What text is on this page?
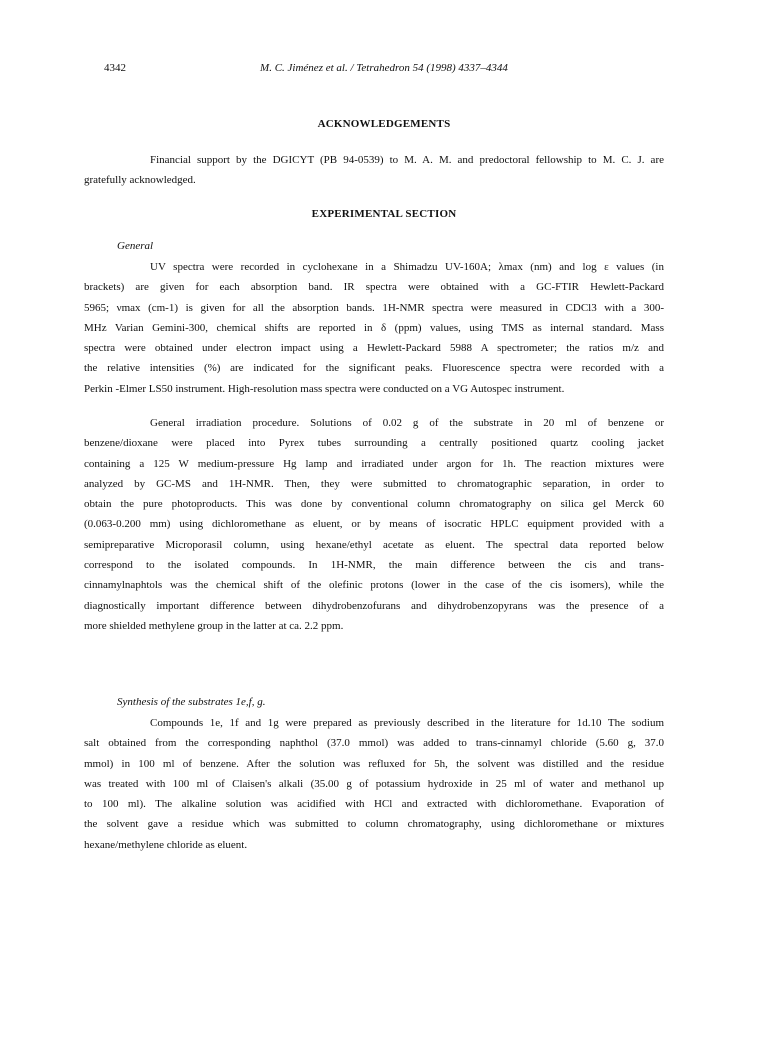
4342	M. C. Jiménez et al. / Tetrahedron 54 (1998) 4337–4344
ACKNOWLEDGEMENTS
Financial support by the DGICYT (PB 94-0539) to M. A. M. and predoctoral fellowship to M. C. J. are
gratefully acknowledged.
EXPERIMENTAL SECTION
General
UV spectra were recorded in cyclohexane in a Shimadzu UV-160A; λmax (nm) and log ε values (in
brackets) are given for each absorption band. IR spectra were obtained with a GC-FTIR Hewlett-Packard
5965; νmax (cm-1) is given for all the absorption bands. 1H-NMR spectra were measured in CDCl3 with a 300-
MHz Varian Gemini-300, chemical shifts are reported in δ (ppm) values, using TMS as internal standard. Mass
spectra were obtained under electron impact using a Hewlett-Packard 5988 A spectrometer; the ratios m/z and
the relative intensities (%) are indicated for the significant peaks. Fluorescence spectra were recorded with a
Perkin -Elmer LS50 instrument. High-resolution mass spectra were conducted on a VG Autospec instrument.
General irradiation procedure. Solutions of 0.02 g of the substrate in 20 ml of benzene or
benzene/dioxane were placed into Pyrex tubes surrounding a centrally positioned quartz cooling jacket
containing a 125 W medium-pressure Hg lamp and irradiated under argon for 1h. The reaction mixtures were
analyzed by GC-MS and 1H-NMR. Then, they were submitted to chromatographic separation, in order to
obtain the pure photoproducts. This was done by conventional column chromatography on silica gel Merck 60
(0.063-0.200 mm) using dichloromethane as eluent, or by means of isocratic HPLC equipment provided with a
semipreparative Microporasil column, using hexane/ethyl acetate as eluent. The spectral data reported below
correspond to the isolated compounds. In 1H-NMR, the main difference between the cis and trans-
cinnamylnaphtols was the chemical shift of the olefinic protons (lower in the case of the cis isomers), while the
diagnostically important difference between dihydrobenzofurans and dihydrobenzopyrans was the presence of a
more shielded methylene group in the latter at ca. 2.2 ppm.
Synthesis of the substrates 1e,f, g.
Compounds 1e, 1f and 1g were prepared as previously described in the literature for 1d.10 The sodium
salt obtained from the corresponding naphthol (37.0 mmol) was added to trans-cinnamyl chloride (5.60 g, 37.0
mmol) in 100 ml of benzene. After the solution was refluxed for 5h, the solvent was distilled and the residue
was treated with 100 ml of Claisen's alkali (35.00 g of potassium hydroxide in 25 ml of water and methanol up
to 100 ml). The alkaline solution was acidified with HCl and extracted with dichloromethane. Evaporation of
the solvent gave a residue which was submitted to column chromatography, using dichloromethane or mixtures
hexane/methylene chloride as eluent.
